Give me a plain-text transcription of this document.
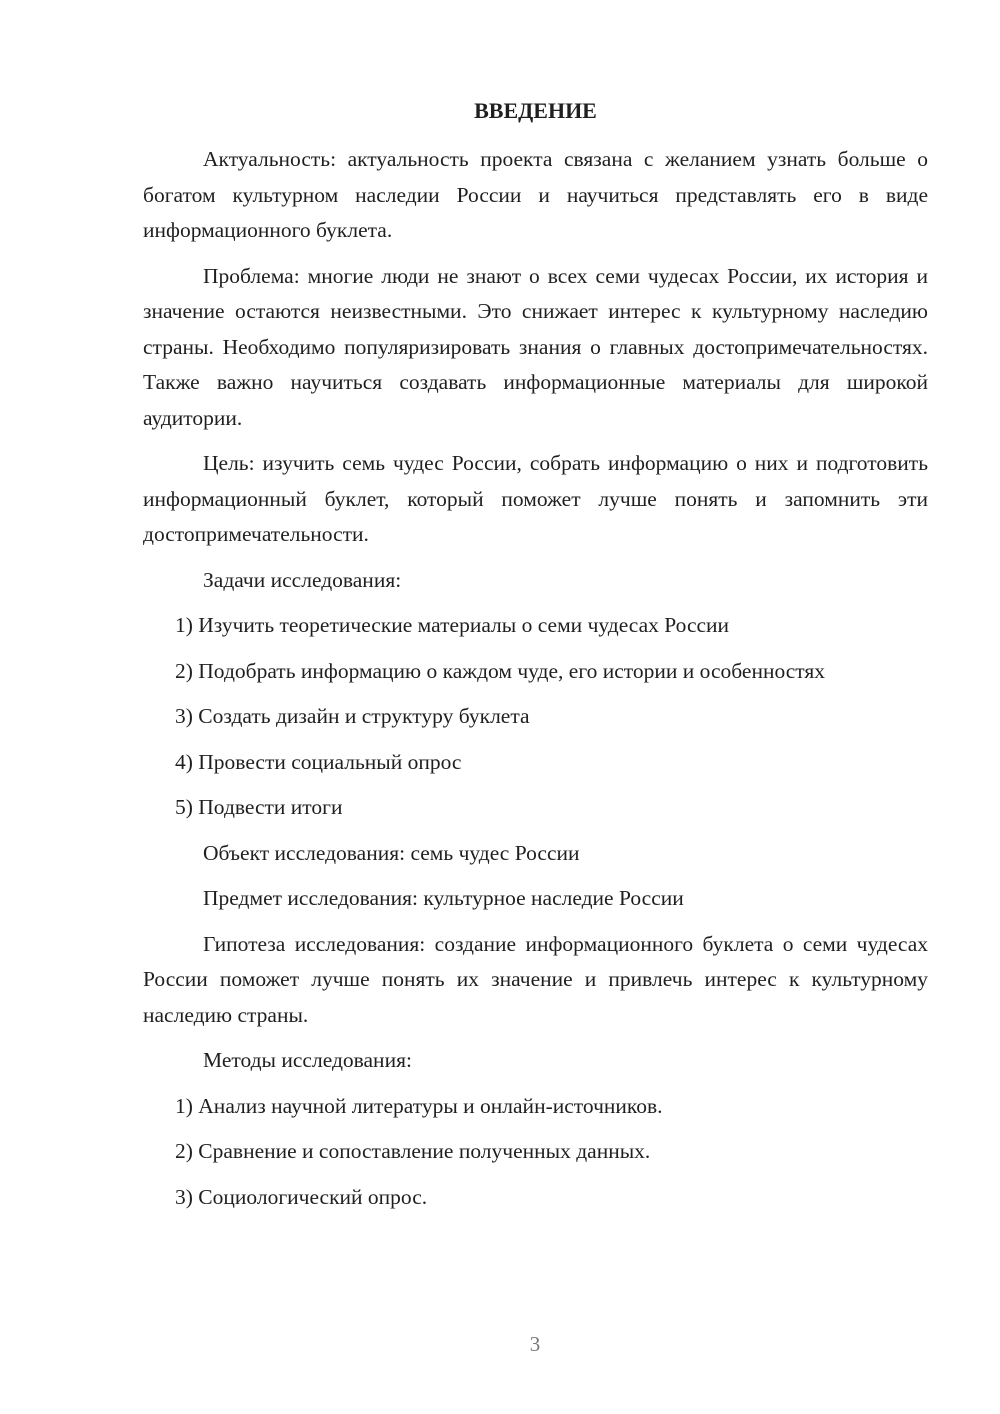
ВВЕДЕНИЕ

Актуальность: актуальность проекта связана с желанием узнать больше о богатом культурном наследии России и научиться представлять его в виде информационного буклета.

Проблема: многие люди не знают о всех семи чудесах России, их история и значение остаются неизвестными. Это снижает интерес к культурному наследию страны. Необходимо популяризировать знания о главных достопримечательностях. Также важно научиться создавать информационные материалы для широкой аудитории.

Цель: изучить семь чудес России, собрать информацию о них и подготовить информационный буклет, который поможет лучше понять и запомнить эти достопримечательности.

Задачи исследования:

1) Изучить теоретические материалы о семи чудесах России

2) Подобрать информацию о каждом чуде, его истории и особенностях

3) Создать дизайн и структуру буклета

4) Провести социальный опрос

5) Подвести итоги

Объект исследования: семь чудес России

Предмет исследования: культурное наследие России

Гипотеза исследования: создание информационного буклета о семи чудесах России поможет лучше понять их значение и привлечь интерес к культурному наследию страны.

Методы исследования:

1) Анализ научной литературы и онлайн-источников.

2) Сравнение и сопоставление полученных данных.

3) Социологический опрос.

3
